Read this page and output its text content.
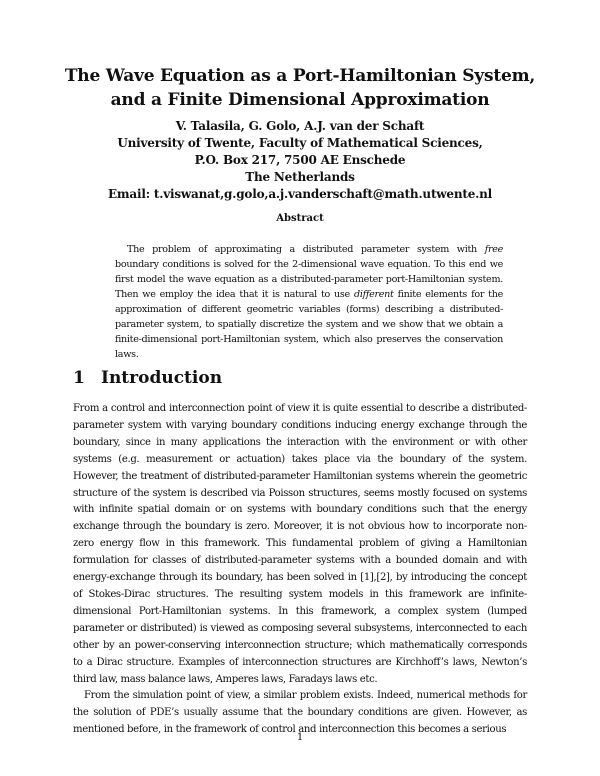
The Wave Equation as a Port-Hamiltonian System,
and a Finite Dimensional Approximation
V. Talasila, G. Golo, A.J. van der Schaft
University of Twente, Faculty of Mathematical Sciences,
P.O. Box 217, 7500 AE Enschede
The Netherlands
Email: t.viswanat,g.golo,a.j.vanderschaft@math.utwente.nl
Abstract
The problem of approximating a distributed parameter system with free boundary conditions is solved for the 2-dimensional wave equation. To this end we first model the wave equation as a distributed-parameter port-Hamiltonian system. Then we employ the idea that it is natural to use different finite elements for the approximation of different geometric variables (forms) describing a distributed-parameter system, to spatially discretize the system and we show that we obtain a finite-dimensional port-Hamiltonian system, which also preserves the conservation laws.
1 Introduction
From a control and interconnection point of view it is quite essential to describe a distributed-parameter system with varying boundary conditions inducing energy exchange through the boundary, since in many applications the interaction with the environment or with other systems (e.g. measurement or actuation) takes place via the boundary of the system. However, the treatment of distributed-parameter Hamiltonian systems wherein the geometric structure of the system is described via Poisson structures, seems mostly focused on systems with infinite spatial domain or on systems with boundary conditions such that the energy exchange through the boundary is zero. Moreover, it is not obvious how to incorporate non-zero energy flow in this framework. This fundamental problem of giving a Hamiltonian formulation for classes of distributed-parameter systems with a bounded domain and with energy-exchange through its boundary, has been solved in [1],[2], by introducing the concept of Stokes-Dirac structures. The resulting system models in this framework are infinite-dimensional Port-Hamiltonian systems. In this framework, a complex system (lumped parameter or distributed) is viewed as composing several subsystems, interconnected to each other by an power-conserving interconnection structure; which mathematically corresponds to a Dirac structure. Examples of interconnection structures are Kirchhoff’s laws, Newton’s third law, mass balance laws, Amperes laws, Faradays laws etc.
From the simulation point of view, a similar problem exists. Indeed, numerical methods for the solution of PDE’s usually assume that the boundary conditions are given. However, as mentioned before, in the framework of control and interconnection this becomes a serious
1
